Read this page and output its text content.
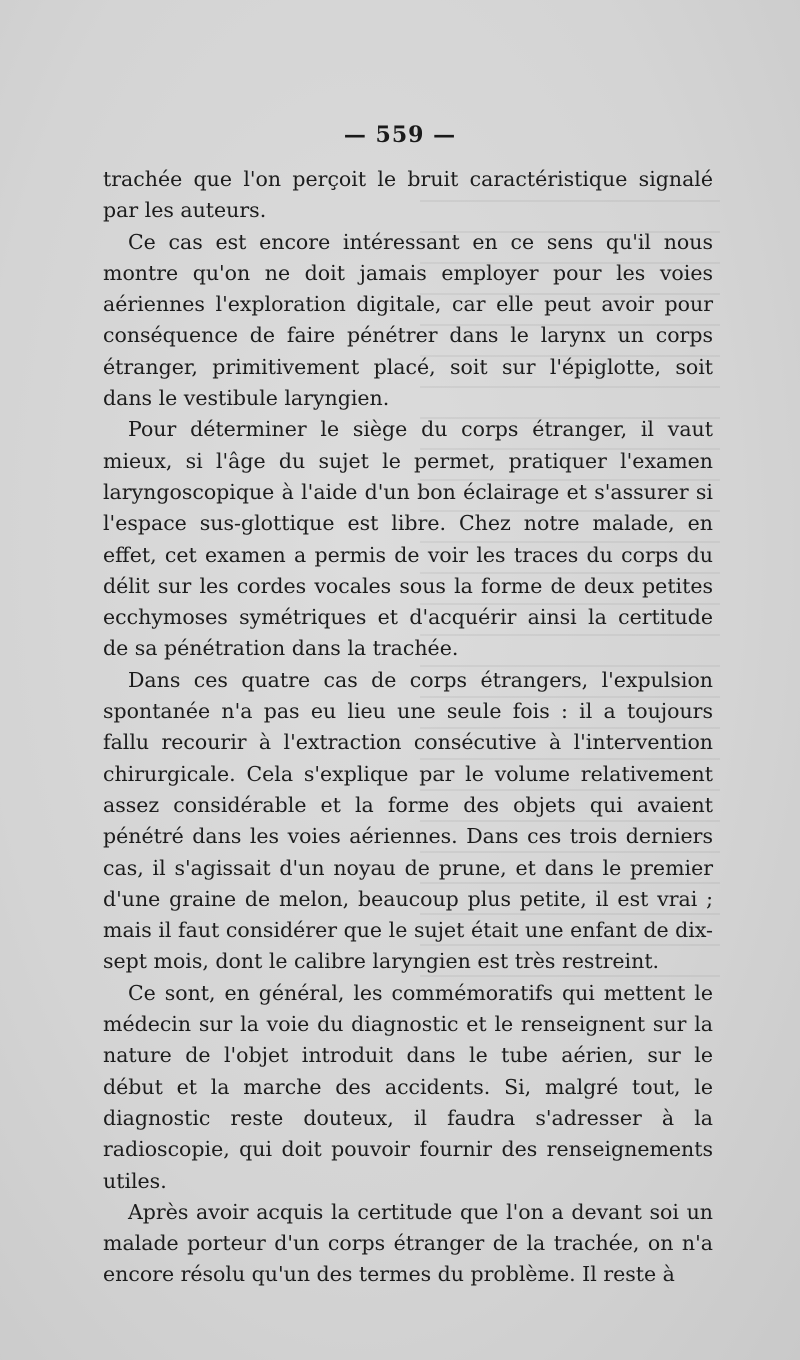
— 559 —

trachée que l'on perçoit le bruit caractéristique signalé par les auteurs.

Ce cas est encore intéressant en ce sens qu'il nous montre qu'on ne doit jamais employer pour les voies aériennes l'exploration digitale, car elle peut avoir pour conséquence de faire pénétrer dans le larynx un corps étranger, primitivement placé, soit sur l'épiglotte, soit dans le vestibule laryngien.

Pour déterminer le siège du corps étranger, il vaut mieux, si l'âge du sujet le permet, pratiquer l'examen laryngoscopique à l'aide d'un bon éclairage et s'assurer si l'espace sus-glottique est libre. Chez notre malade, en effet, cet examen a permis de voir les traces du corps du délit sur les cordes vocales sous la forme de deux petites ecchymoses symétriques et d'acquérir ainsi la certitude de sa pénétration dans la trachée.

Dans ces quatre cas de corps étrangers, l'expulsion spontanée n'a pas eu lieu une seule fois : il a toujours fallu recourir à l'extraction consécutive à l'intervention chirurgicale. Cela s'explique par le volume relativement assez considérable et la forme des objets qui avaient pénétré dans les voies aériennes. Dans ces trois derniers cas, il s'agissait d'un noyau de prune, et dans le premier d'une graine de melon, beaucoup plus petite, il est vrai ; mais il faut considérer que le sujet était une enfant de dix-sept mois, dont le calibre laryngien est très restreint.

Ce sont, en général, les commémoratifs qui mettent le médecin sur la voie du diagnostic et le renseignent sur la nature de l'objet introduit dans le tube aérien, sur le début et la marche des accidents. Si, malgré tout, le diagnostic reste douteux, il faudra s'adresser à la radioscopie, qui doit pouvoir fournir des renseignements utiles.

Après avoir acquis la certitude que l'on a devant soi un malade porteur d'un corps étranger de la trachée, on n'a encore résolu qu'un des termes du problème. Il reste à
